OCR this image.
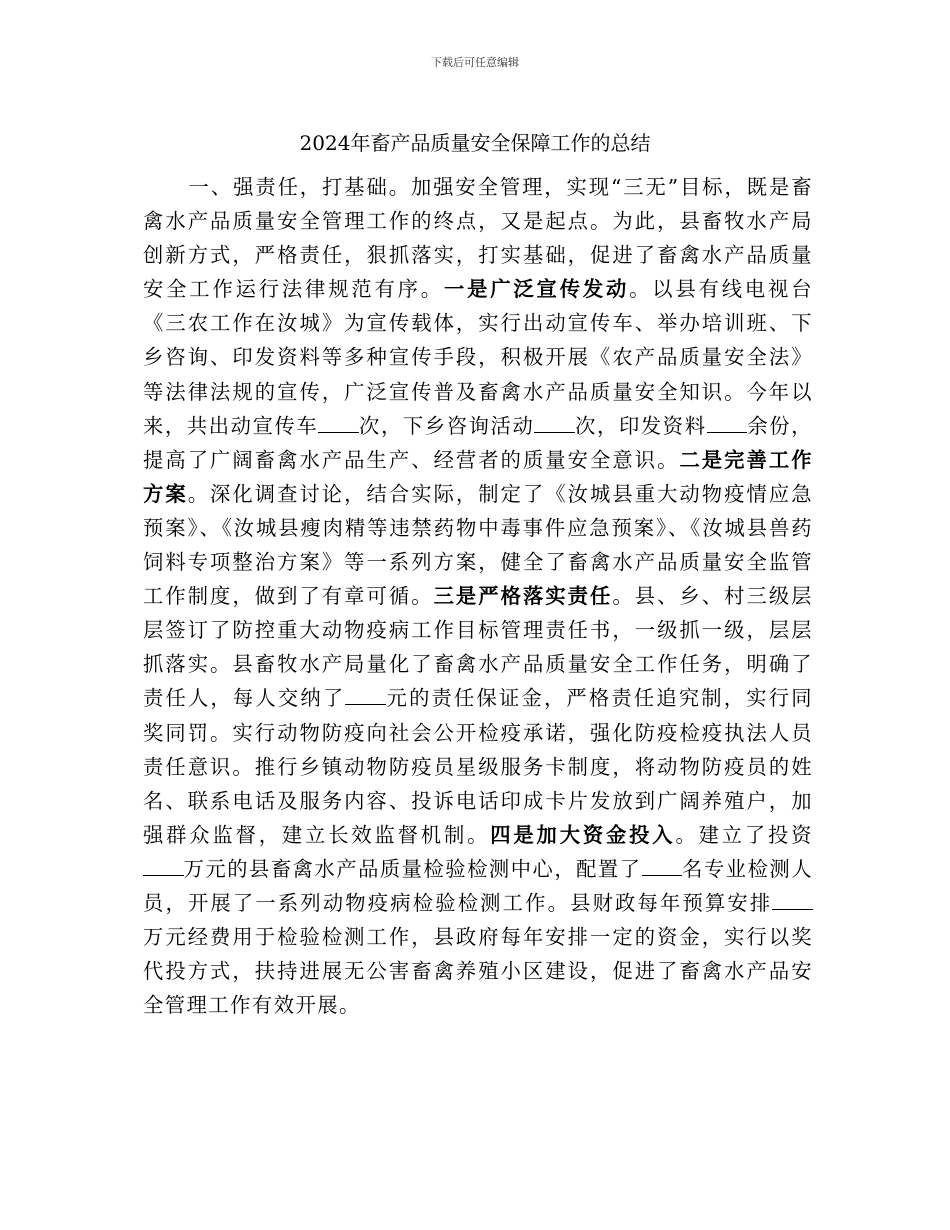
下载后可任意编辑
2024年畜产品质量安全保障工作的总结

一、强责任，打基础。加强安全管理，实现“三无”目标，既是畜禽水产品质量安全管理工作的终点，又是起点。为此，县畜牧水产局创新方式，严格责任，狠抓落实，打实基础，促进了畜禽水产品质量安全工作运行法律规范有序。一是广泛宣传发动。以县有线电视台《三农工作在汝城》为宣传载体，实行出动宣传车、举办培训班、下乡咨询、印发资料等多种宣传手段，积极开展《农产品质量安全法》等法律法规的宣传，广泛宣传普及畜禽水产品质量安全知识。今年以来，共出动宣传车 次，下乡咨询活动 次，印发资料 余份，提高了广阔畜禽水产品生产、经营者的质量安全意识。二是完善工作方案。深化调查讨论，结合实际，制定了《汝城县重大动物疫情应急预案》、《汝城县瘦肉精等违禁药物中毒事件应急预案》、《汝城县兽药饲料专项整治方案》等一系列方案，健全了畜禽水产品质量安全监管工作制度，做到了有章可循。三是严格落实责任。县、乡、村三级层层签订了防控重大动物疫病工作目标管理责任书，一级抓一级，层层抓落实。县畜牧水产局量化了畜禽水产品质量安全工作任务，明确了责任人，每人交纳了 元的责任保证金，严格责任追究制，实行同奖同罚。实行动物防疫向社会公开检疫承诺，强化防疫检疫执法人员责任意识。推行乡镇动物防疫员星级服务卡制度，将动物防疫员的姓名、联系电话及服务内容、投诉电话印成卡片发放到广阔养殖户，加强群众监督，建立长效监督机制。四是加大资金投入。建立了投资万元的县畜禽水产品质量检验检测中心，配置了 名专业检测人员，开展了一系列动物疫病检验检测工作。县财政每年预算安排万元经费用于检验检测工作，县政府每年安排一定的资金，实行以奖代投方式，扶持进展无公害畜禽养殖小区建设，促进了畜禽水产品安全管理工作有效开展。
